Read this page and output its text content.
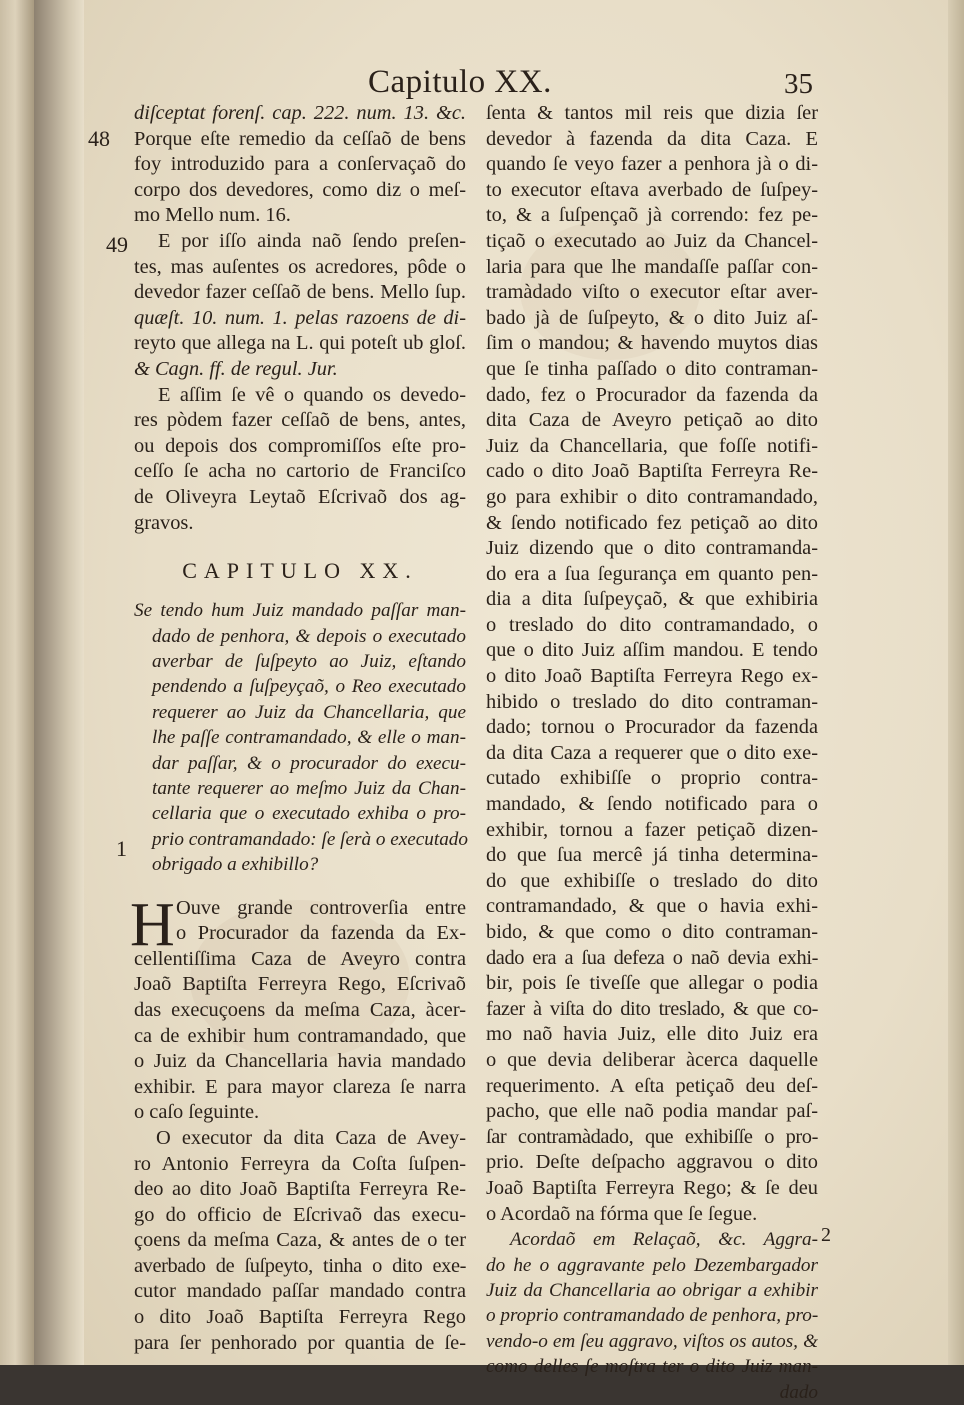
Capitulo XX.	35
diſceptat forenſ. cap. 222. num. 13. &c.
Porque eſte remedio da ceſſaõ de bens
foy introduzido para a conſervaçaõ do
corpo dos devedores, como diz o meſ-
mo Mello num. 16.
E por iſſo ainda naõ ſendo preſen-
tes, mas auſentes os acredores, pôde o
devedor fazer ceſſaõ de bens. Mello ſup.
quæſt. 10. num. 1. pelas razoens de di-
reyto que allega na L. qui poteſt ub gloſ.
& Cagn. ff. de regul. Jur.
E aſſim ſe vê o quando os devedo-
res pòdem fazer ceſſaõ de bens, antes,
ou depois dos compromiſſos eſte pro-
ceſſo ſe acha no cartorio de Franciſco
de Oliveyra Leytaõ Eſcrivaõ dos ag-
gravos.
CAPITULO XX.
Se tendo hum Juiz mandado paſſar man-
dado de penhora, & depois o executado
averbar de ſuſpeyto ao Juiz, eſtando
pendendo a ſuſpeyçaõ, o Reo executado
requerer ao Juiz da Chancellaria, que
lhe paſſe contramandado, & elle o man-
dar paſſar, & o procurador do execu-
tante requerer ao meſmo Juiz da Chan-
cellaria que o executado exhiba o pro-
prio contramandado: ſe ſerà o executado
obrigado a exhibillo?
H Ouve grande controverſia entre
o Procurador da fazenda da Ex-
cellentiſſima Caza de Aveyro contra
Joaõ Baptiſta Ferreyra Rego, Eſcrivaõ
das execuçoens da meſma Caza, àcer-
ca de exhibir hum contramandado, que
o Juiz da Chancellaria havia mandado
exhibir. E para mayor clareza ſe narra
o caſo ſeguinte.
O executor da dita Caza de Avey-
ro Antonio Ferreyra da Coſta ſuſpen-
deo ao dito Joaõ Baptiſta Ferreyra Re-
go do officio de Eſcrivaõ das execu-
çoens da meſma Caza, & antes de o ter
averbado de ſuſpeyto, tinha o dito exe-
cutor mandado paſſar mandado contra
o dito Joaõ Baptiſta Ferreyra Rego
para ſer penhorado por quantia de ſe-
48
49
1
ſenta & tantos mil reis que dizia ſer
devedor à fazenda da dita Caza. E
quando ſe veyo fazer a penhora jà o di-
to executor eſtava averbado de ſuſpey-
to, & a ſuſpençaõ jà correndo: fez pe-
tiçaõ o executado ao Juiz da Chancel-
laria para que lhe mandaſſe paſſar con-
tramàdado viſto o executor eſtar aver-
bado jà de ſuſpeyto, & o dito Juiz aſ-
ſim o mandou; & havendo muytos dias
que ſe tinha paſſado o dito contraman-
dado, fez o Procurador da fazenda da
dita Caza de Aveyro petiçaõ ao dito
Juiz da Chancellaria, que foſſe notifi-
cado o dito Joaõ Baptiſta Ferreyra Re-
go para exhibir o dito contramandado,
& ſendo notificado fez petiçaõ ao dito
Juiz dizendo que o dito contramanda-
do era a ſua ſegurança em quanto pen-
dia a dita ſuſpeyçaõ, & que exhibiria
o treslado do dito contramandado, o
que o dito Juiz aſſim mandou. E tendo
o dito Joaõ Baptiſta Ferreyra Rego ex-
hibido o treslado do dito contraman-
dado; tornou o Procurador da fazenda
da dita Caza a requerer que o dito exe-
cutado exhibiſſe o proprio contra-
mandado, & ſendo notificado para o
exhibir, tornou a fazer petiçaõ dizen-
do que ſua mercê já tinha determina-
do que exhibiſſe o treslado do dito
contramandado, & que o havia exhi-
bido, & que como o dito contraman-
dado era a ſua defeza o naõ devia exhi-
bir, pois ſe tiveſſe que allegar o podia
fazer à viſta do dito treslado, & que co-
mo naõ havia Juiz, elle dito Juiz era
o que devia deliberar àcerca daquelle
requerimento. A eſta petiçaõ deu deſ-
pacho, que elle naõ podia mandar paſ-
ſar contramàdado, que exhibiſſe o pro-
prio. Deſte deſpacho aggravou o dito
Joaõ Baptiſta Ferreyra Rego; & ſe deu
o Acordaõ na fórma que ſe ſegue.
Acordaõ em Relaçaõ, &c. Aggra-
do he o aggravante pelo Dezembargador
Juiz da Chancellaria ao obrigar a exhibir
o proprio contramandado de penhora, pro-
vendo-o em ſeu aggravo, viſtos os autos, &
como delles ſe moſtra ter o dito Juiz man-
dado
2
